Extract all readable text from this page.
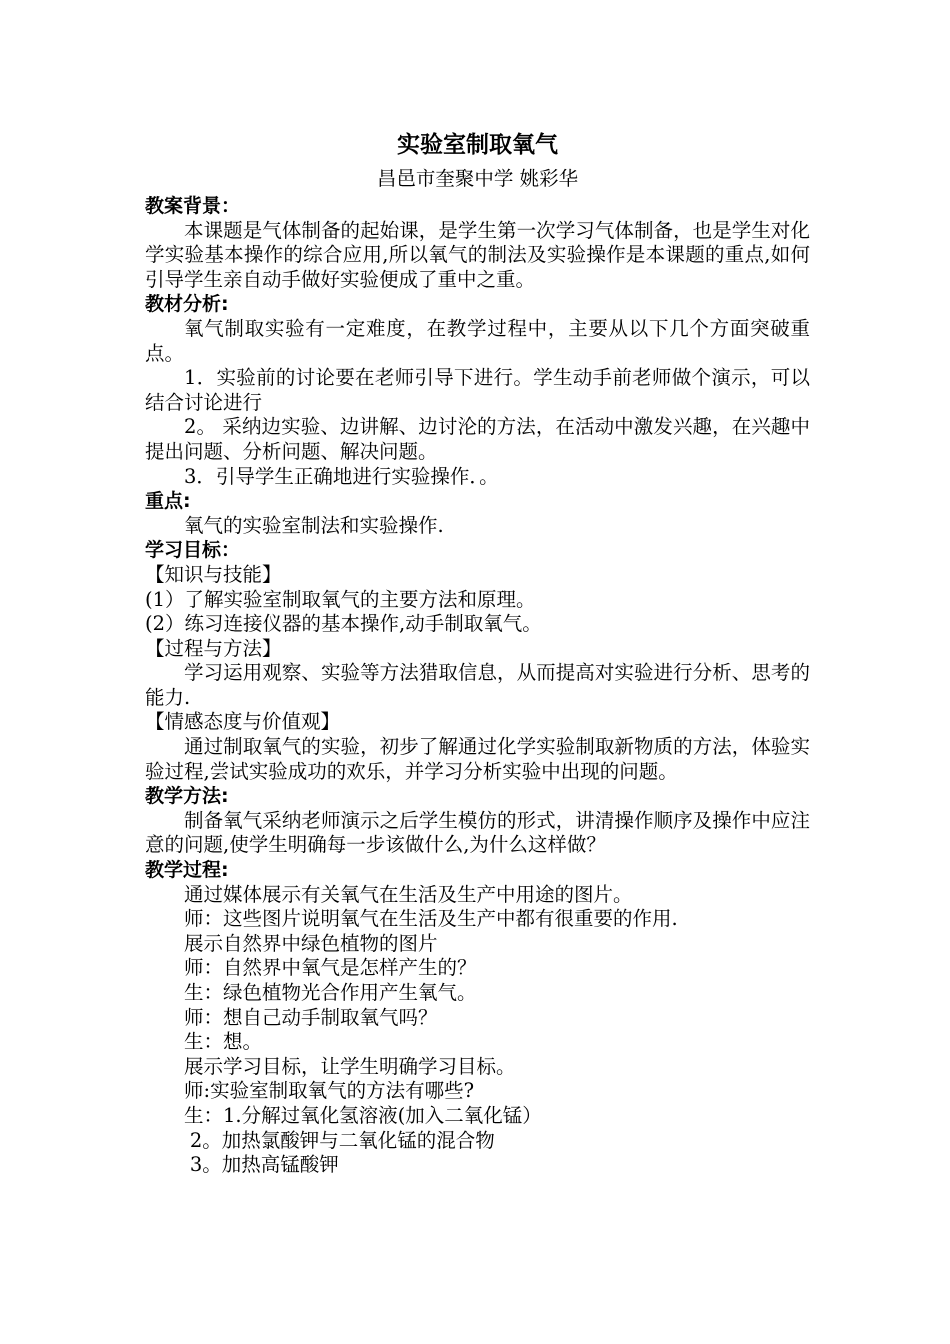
实验室制取氧气
昌邑市奎聚中学 姚彩华
教案背景：
本课题是气体制备的起始课，是学生第一次学习气体制备，也是学生对化学实验基本操作的综合应用,所以氧气的制法及实验操作是本课题的重点,如何引导学生亲自动手做好实验便成了重中之重。
教材分析:
氧气制取实验有一定难度，在教学过程中，主要从以下几个方面突破重点。
1．实验前的讨论要在老师引导下进行。学生动手前老师做个演示，可以结合讨论进行
2。 采纳边实验、边讲解、边讨沦的方法，在活动中激发兴趣，在兴趣中提出问题、分析问题、解决问题。
3．引导学生正确地进行实验操作．。
重点:
氧气的实验室制法和实验操作.
学习目标：
【知识与技能】
(1）了解实验室制取氧气的主要方法和原理。
(2）练习连接仪器的基本操作,动手制取氧气。
【过程与方法】
学习运用观察、实验等方法猎取信息，从而提高对实验进行分析、思考的能力.
【情感态度与价值观】
通过制取氧气的实验，初步了解通过化学实验制取新物质的方法，体验实验过程,尝试实验成功的欢乐，并学习分析实验中出现的问题。
教学方法:
制备氧气采纳老师演示之后学生模仿的形式，讲清操作顺序及操作中应注意的问题,使学生明确每一步该做什么,为什么这样做？
教学过程:
通过媒体展示有关氧气在生活及生产中用途的图片。
师：这些图片说明氧气在生活及生产中都有很重要的作用.
展示自然界中绿色植物的图片
师：自然界中氧气是怎样产生的？
生：绿色植物光合作用产生氧气。
师：想自己动手制取氧气吗？
生：想。
展示学习目标，让学生明确学习目标。
师:实验室制取氧气的方法有哪些?
生：1.分解过氧化氢溶液(加入二氧化锰）
2。加热氯酸钾与二氧化锰的混合物
3。加热高锰酸钾
